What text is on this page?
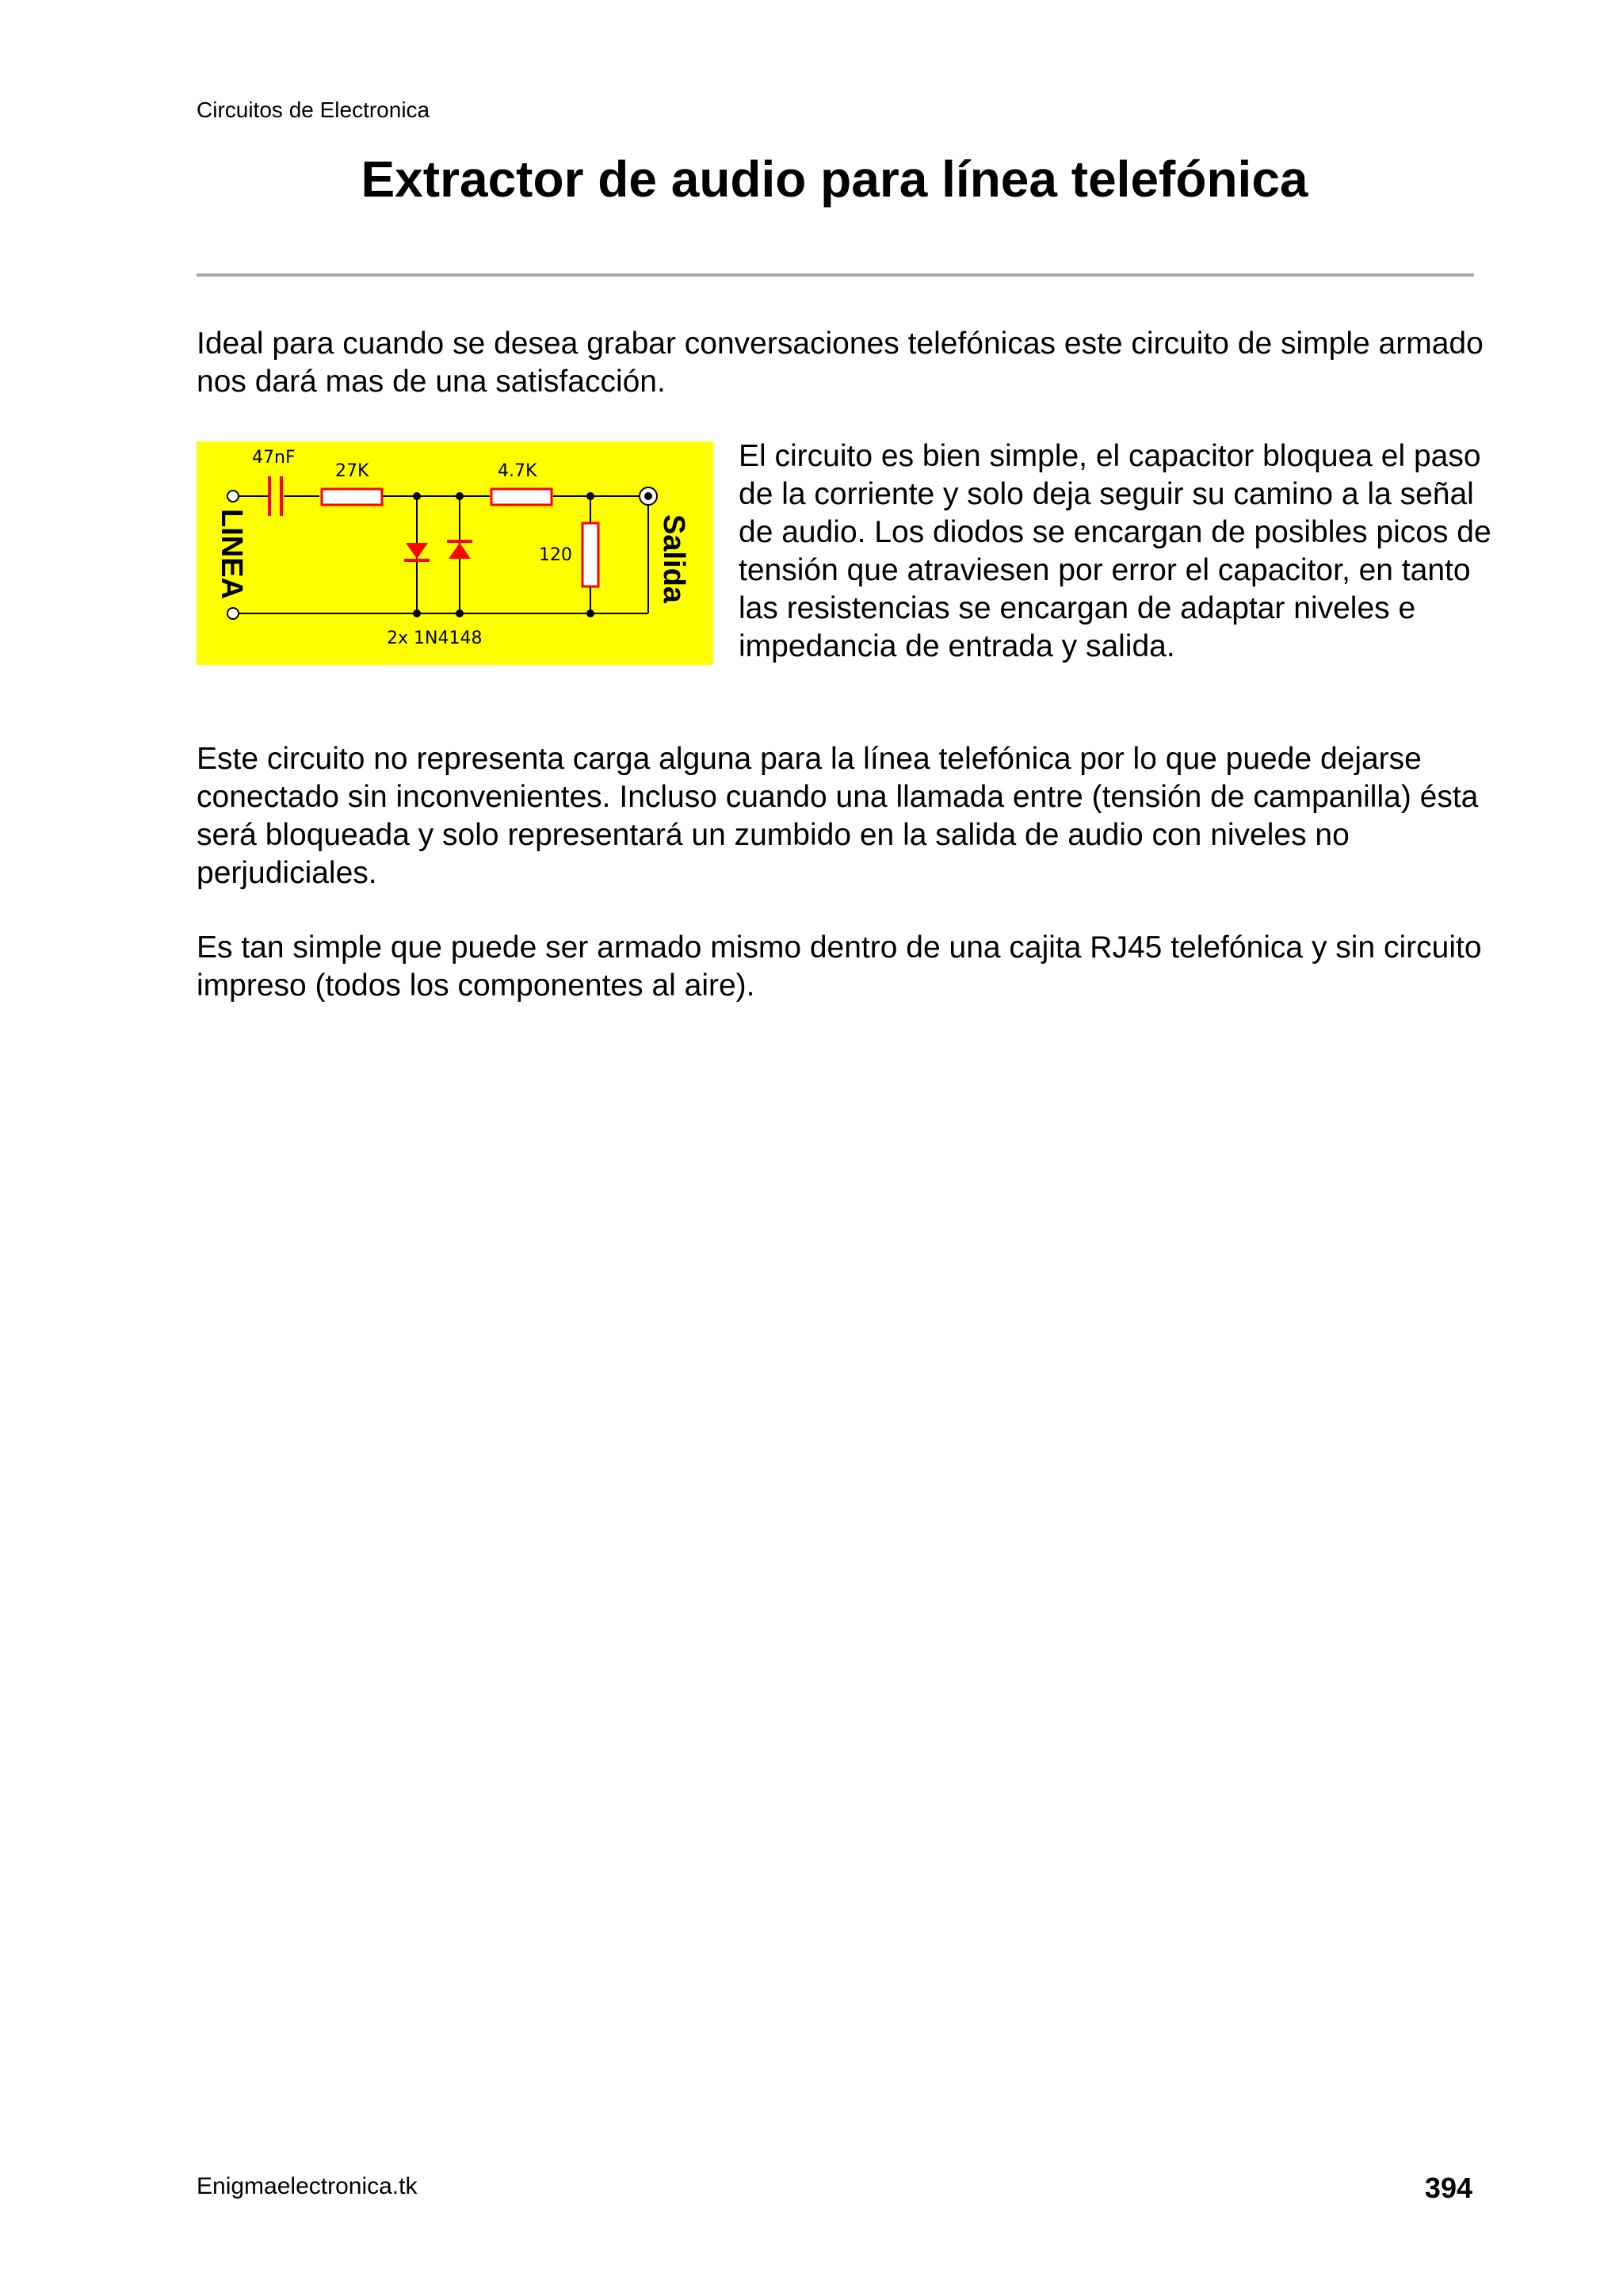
Circuitos de Electronica
Extractor de audio para línea telefónica

Ideal para cuando se desea grabar conversaciones telefónicas este circuito de simple armado nos dará mas de una satisfacción.

47nF
27K	4.7K
2x 1N4148
120
LINEA	Salida

El circuito es bien simple, el capacitor bloquea el paso de la corriente y solo deja seguir su camino a la señal de audio. Los diodos se encargan de posibles picos de tensión que atraviesen por error el capacitor, en tanto las resistencias se encargan de adaptar niveles e impedancia de entrada y salida.

Este circuito no representa carga alguna para la línea telefónica por lo que puede dejarse conectado sin inconvenientes. Incluso cuando una llamada entre (tensión de campanilla) ésta será bloqueada y solo representará un zumbido en la salida de audio con niveles no perjudiciales.

Es tan simple que puede ser armado mismo dentro de una cajita RJ45 telefónica y sin circuito impreso (todos los componentes al aire).

Enigmaelectronica.tk	394
